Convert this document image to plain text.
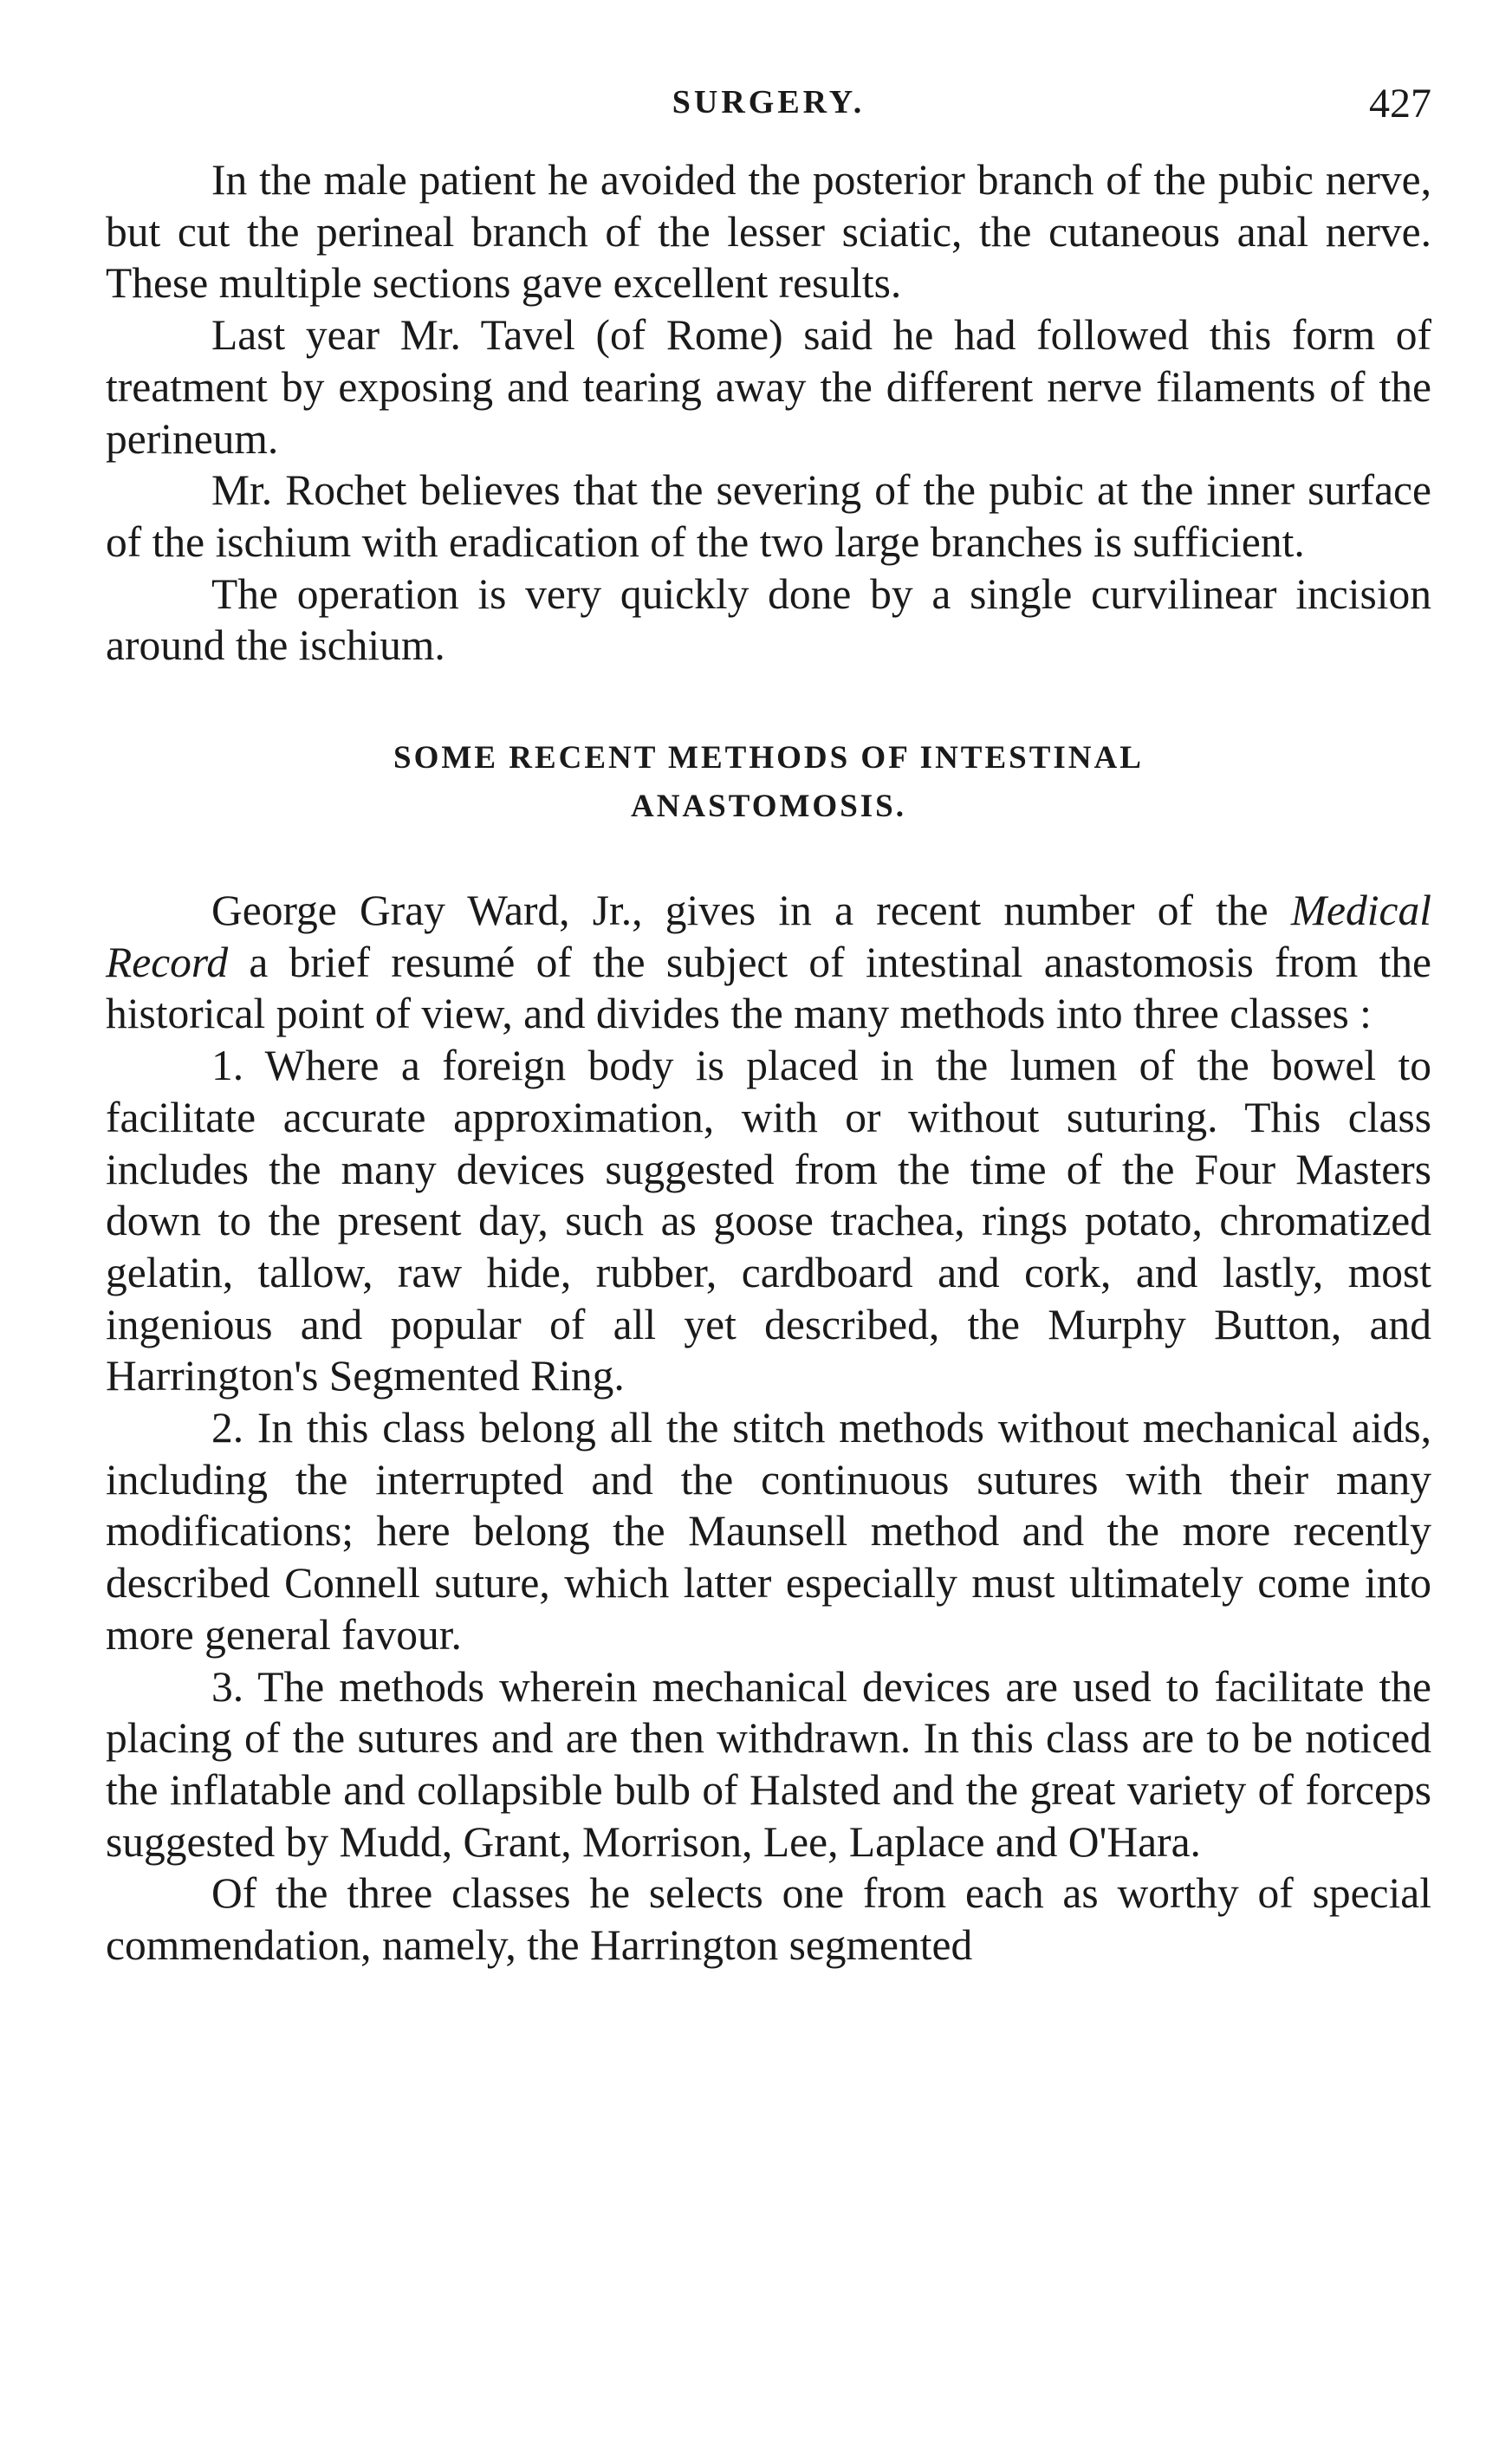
SURGERY.	427

In the male patient he avoided the posterior branch of the pubic nerve, but cut the perineal branch of the lesser sciatic, the cutaneous anal nerve. These multiple sections gave excellent results.

Last year Mr. Tavel (of Rome) said he had followed this form of treatment by exposing and tearing away the different nerve filaments of the perineum.

Mr. Rochet believes that the severing of the pubic at the inner surface of the ischium with eradication of the two large branches is sufficient.

The operation is very quickly done by a single curvilinear incision around the ischium.

SOME RECENT METHODS OF INTESTINAL
ANASTOMOSIS.

George Gray Ward, Jr., gives in a recent number of the Medical Record a brief resumé of the subject of intestinal anastomosis from the historical point of view, and divides the many methods into three classes :

1. Where a foreign body is placed in the lumen of the bowel to facilitate accurate approximation, with or without suturing. This class includes the many devices suggested from the time of the Four Masters down to the present day, such as goose trachea, rings potato, chromatized gelatin, tallow, raw hide, rubber, cardboard and cork, and lastly, most ingenious and popular of all yet described, the Murphy Button, and Harrington's Segmented Ring.

2. In this class belong all the stitch methods without mechanical aids, including the interrupted and the continuous sutures with their many modifications; here belong the Maunsell method and the more recently described Connell suture, which latter especially must ultimately come into more general favour.

3. The methods wherein mechanical devices are used to facilitate the placing of the sutures and are then withdrawn. In this class are to be noticed the inflatable and collapsible bulb of Halsted and the great variety of forceps suggested by Mudd, Grant, Morrison, Lee, Laplace and O'Hara.

Of the three classes he selects one from each as worthy of special commendation, namely, the Harrington segmented
